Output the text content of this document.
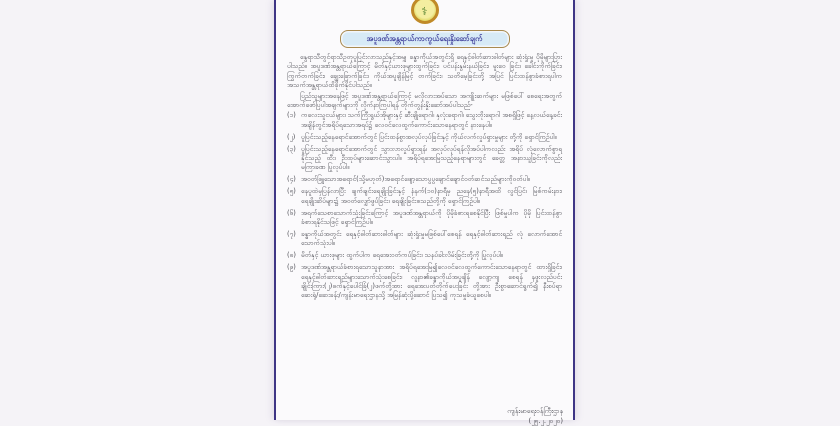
⚕
အပူဒဏ်အန္တရာယ်ကာကွယ်ရေးနှိုးဆော်ချက်

နွေရာသီတွင်ရာသီဥတုပူပြင်းလာသည်နှင့်အမျှ ခန္ဓာကိုယ်အတွင်းရှိ ရေနှင့်ဓါတ်ဆားဓါတ်များ ဆုံးရှုံးမှု ပိုမိုများပြားပါသည်။ အပူဒဏ်အန္တရာယ်ကြောင့် မိတ်နှင့်ယားဖုများထွက်ခြင်း၊ ပင်ပန်းနွမ်းနယ်ခြင်း၊ မူးဝေ ခြင်း၊ ခေါင်းကိုက်ခြင်း၊ ကြွက်တက်ခြင်း၊ ချွေးခြောက်ခြင်း၊ ကိုယ်အပူချိန်မြင့် တက်ခြင်း၊ သတိမေ့ခြင်းတို့ အပြင် ပြင်းထန်စွာခံစားရပါက အသက်အန္တရာယ်ထိခိုက်နိုင်ပါသည်။

ပြည်သူများအနေဖြင့် အပူဒဏ်အန္တရာယ်ကြောင့် မလိုလားအပ်သော အကျိုးဆက်များ မဖြစ်ပေါ် စေရေးအတွက် အောက်ဖော်ပြပါအချက်များကို လိုက်နာကြပါရန် တိုက်တွန်းနှိုးဆော်အပ်ပါသည်-

(၁) ကလေးသူငယ်များ၊ သက်ကြီးရွယ်အိုများနှင့် ဆီးချိုရောဂါ၊ နှလုံးရောဂါ၊ သွေးတိုးရောဂါ အစရှိဖြင့် နေ့လယ်နေ့ခင်းအချိန်တွင်အရိပ်ရသောအရပ်၌ လေဝင်လေထွက်ကောင်းသောနေရာတွင် နားနေပါ။
(၂) ပူပြင်းသည့်နေရောင်အောက်တွင် ပြင်းထန်စွာအလုပ်လုပ်ခြင်းနှင့် ကိုယ်လက်လှုပ်ရှားမှုများ တို့ကို ရှောင်ကြဉ်ပါ။
(၃) ပူပြင်းသည့်နေရောင်အောက်တွင် သွားလာလှုပ်ရှားရန်၊ အလုပ်လုပ်ရန်လိုအပ်ပါကလည်း အရိပ် လုံလောက်စွာရနိုင်သည့် ထီး၊ ဦးထုပ်များဆောင်းသွားပါ။ အရိပ်ရအေးမြသည့်နေရာများတွင် ခေတ္တ အနားယူခြင်းကိုလည်း မကြာခဏ ပြုလုပ်ပါ။
(၄) အဝတ်ဖြူသောအရောင်(သို့မဟုတ်)အရောင်ဖျော့သောပွပွချောင်ချောင်ဝတ်ဆင်သည်များကိုဝတ်ပါ။
(၅) နေပူထဲမှပြန်လာပြီး ချက်ချင်းရေချိုးခြင်းနှင့် နံနက်(၁၀)နာရီမှ ညနေ(၅)နာရီအထိ လွင်ပြင်၊ မြစ်ကမ်းနား၊ ရေချိုးဆိပ်များ၌ အဝတ်လျှော်ဖွပ်ခြင်း၊ ရေချိုးခြင်းစသည်တို့ကို ရှောင်ကြဉ်ပါ။
(၆) အရက်သေစာသောက်သုံးခြင်းကြောင့် အပူဒဏ်အန္တရာယ်ကို ပိုမိုခံစားရစေနိုင်ပြီး ဖြစ်မှုပါက ပိုမို ပြင်းထန်စွာ ခံစားရနိုင်သဖြင့် ရှောင်ကြဉ်ပါ။
(၇) ခန္ဓာကိုယ်အတွင်း ရေနှင့်ဓါတ်ဆားဓါတ်များ ဆုံးရှုံးမှုမဖြစ်ပေါ်စေရန် ရေနှင့်ဓါတ်ဆားရည် လုံ လောက်အောင် သောက်သုံးပါ။
(၈) မိတ်နှင့် ယားဖုများ ထွက်ပါက ရေအေးဝတ်ကပ်ခြင်း၊ သနပ်ခါးလိမ်းခြင်းတို့ကို ပြုလုပ်ပါ။
(၉) အပူဒဏ်အန္တရာယ်ခံစားရသောသူနာအား အရိပ်ရအေးမြ၍လေဝင်လေထွက်ကောင်းသောနေရာတွင် ထားရှိခြင်း၊ရေနှင့်ဓါတ်ဆားရည်များသောက်သုံးစေခြင်း၊ လူနာ၏ခန္ဓာကိုယ်အပူချိန် လျော့ကျ စေရန် နဖူးလည်ပင်းချိုင်းကြား(၂)ဖက်နှင့်ပေါင်ခြံ(၂)ဖက်တို့အား ရေအေးပတ်တိုက်ပေးခြင်း တို့အား ဦးစွာဆောင်ရွက်၍ နီးစပ်ရာဆေးရုံ/ဆေးခန်း/ကျန်းမာရေးဌာနသို့ အမြန်ဆုံးပို့ဆောင် ပြသ၍ ကုသမှုခံယူစေပါ။
ကျန်းမာရေးဝန်ကြီးဌာန
(၂၅.၂.၂၀၂၀)
